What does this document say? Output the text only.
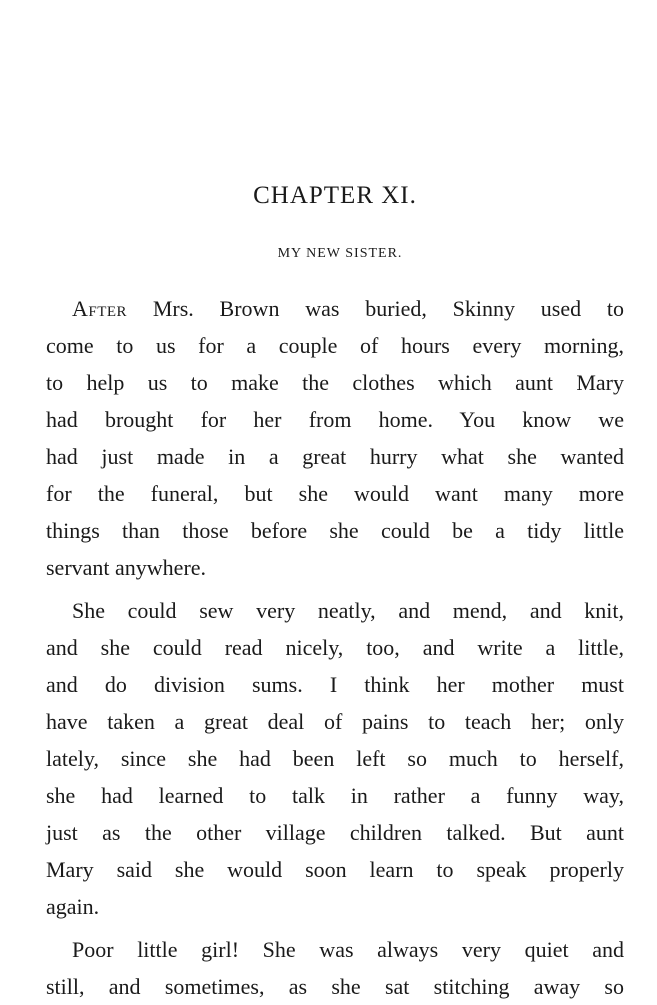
CHAPTER XI.
MY NEW SISTER.
After Mrs. Brown was buried, Skinny used to
come to us for a couple of hours every morning,
to help us to make the clothes which aunt Mary
had brought for her from home. You know we
had just made in a great hurry what she wanted
for the funeral, but she would want many more
things than those before she could be a tidy little
servant anywhere.
She could sew very neatly, and mend, and knit,
and she could read nicely, too, and write a little,
and do division sums. I think her mother must
have taken a great deal of pains to teach her; only
lately, since she had been left so much to herself,
she had learned to talk in rather a funny way,
just as the other village children talked. But aunt
Mary said she would soon learn to speak properly
again.
Poor little girl! She was always very quiet and
still, and sometimes, as she sat stitching away so
